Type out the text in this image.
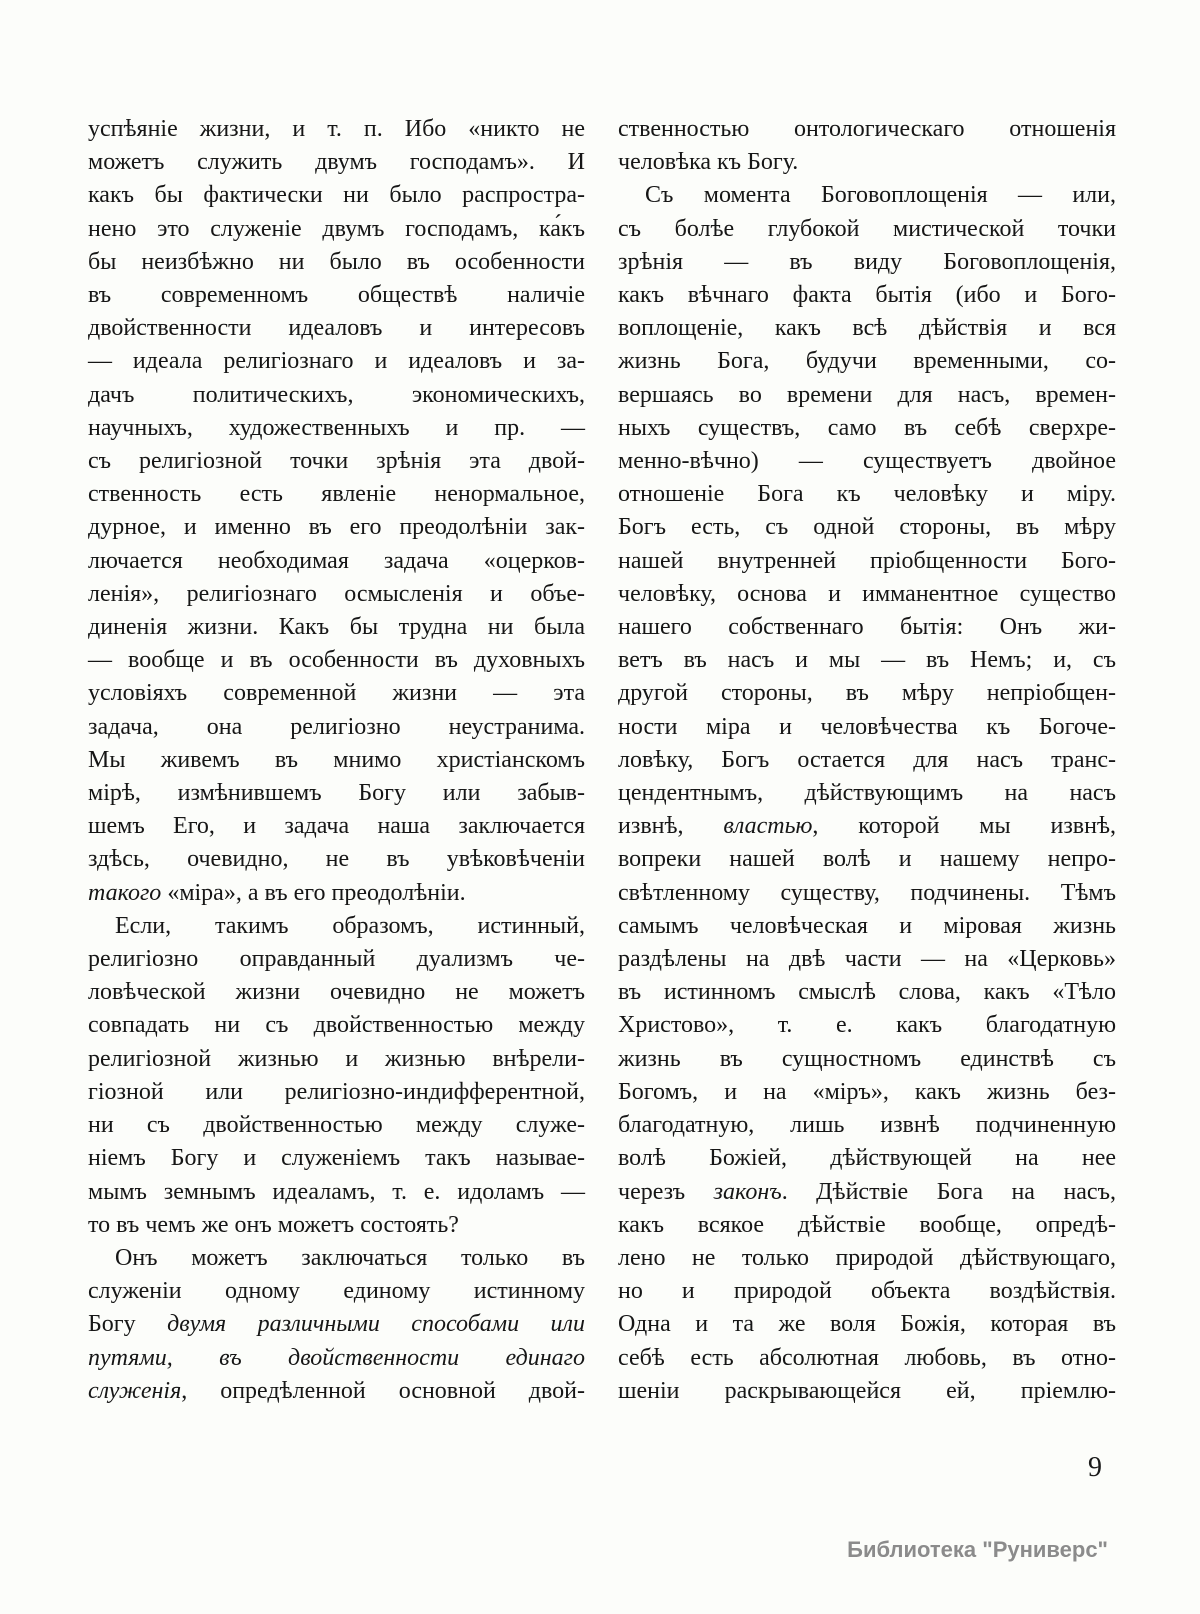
успѣяніе жизни, и т. п. Ибо «никто не
можетъ служить двумъ господамъ». И
какъ бы фактически ни было распростра-
нено это служеніе двумъ господамъ, ка́къ
бы неизбѣжно ни было въ особенности
въ современномъ обществѣ наличіе
двойственности идеаловъ и интересовъ
— идеала религіознаго и идеаловъ и за-
дачъ политическихъ, экономическихъ,
научныхъ, художественныхъ и пр. —
съ религіозной точки зрѣнія эта двой-
ственность есть явленіе ненормальное,
дурное, и именно въ его преодолѣніи зак-
лючается необходимая задача «оцерков-
ленія», религіознаго осмысленія и объе-
диненія жизни. Какъ бы трудна ни была
— вообще и въ особенности въ духовныхъ
условіяхъ современной жизни — эта
задача, она религіозно неустранима.
Мы живемъ въ мнимо христіанскомъ
мірѣ, измѣнившемъ Богу или забыв-
шемъ Его, и задача наша заключается
здѣсь, очевидно, не въ увѣковѣченіи
такого «міра», а въ его преодолѣніи.
Если, такимъ образомъ, истинный,
религіозно оправданный дуализмъ че-
ловѣческой жизни очевидно не можетъ
совпадать ни съ двойственностью между
религіозной жизнью и жизнью внѣрели-
гіозной или религіозно-индифферентной,
ни съ двойственностью между служе-
ніемъ Богу и служеніемъ такъ называе-
мымъ земнымъ идеаламъ, т. е. идоламъ —
то въ чемъ же онъ можетъ состоять?
Онъ можетъ заключаться только въ
служеніи одному единому истинному
Богу двумя различными способами или
путями, въ двойственности единаго
служенія, опредѣленной основной двой-
ственностью онтологическаго отношенія
человѣка къ Богу.
Съ момента Боговоплощенія — или,
съ болѣе глубокой мистической точки
зрѣнія — въ виду Боговоплощенія,
какъ вѣчнаго факта бытія (ибо и Бого-
воплощеніе, какъ всѣ дѣйствія и вся
жизнь Бога, будучи временными, со-
вершаясь во времени для насъ, времен-
ныхъ существъ, само въ себѣ сверхре-
менно-вѣчно) — существуетъ двойное
отношеніе Бога къ человѣку и міру.
Богъ есть, съ одной стороны, въ мѣру
нашей внутренней пріобщенности Бого-
человѣку, основа и имманентное существо
нашего собственнаго бытія: Онъ жи-
ветъ въ насъ и мы — въ Немъ; и, съ
другой стороны, въ мѣру непріобщен-
ности міра и человѣчества къ Богоче-
ловѣку, Богъ остается для насъ транс-
цендентнымъ, дѣйствующимъ на насъ
извнѣ, властью, которой мы извнѣ,
вопреки нашей волѣ и нашему непро-
свѣтленному существу, подчинены. Тѣмъ
самымъ человѣческая и міровая жизнь
раздѣлены на двѣ части — на «Церковь»
въ истинномъ смыслѣ слова, какъ «Тѣло
Христово», т. е. какъ благодатную
жизнь въ сущностномъ единствѣ съ
Богомъ, и на «міръ», какъ жизнь без-
благодатную, лишь извнѣ подчиненную
волѣ Божіей, дѣйствующей на нее
черезъ законъ. Дѣйствіе Бога на насъ,
какъ всякое дѣйствіе вообще, опредѣ-
лено не только природой дѣйствующаго,
но и природой объекта воздѣйствія.
Одна и та же воля Божія, которая въ
себѣ есть абсолютная любовь, въ отно-
шеніи раскрывающейся ей, пріемлю-
9
Библиотека "Руниверс"
